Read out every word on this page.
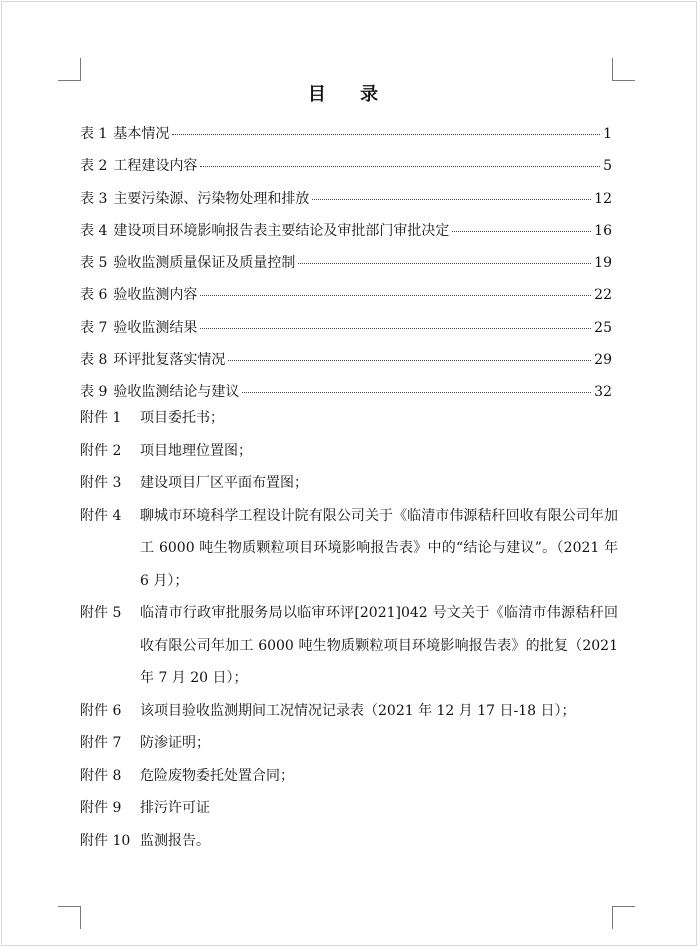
目 录
表 1 基本情况	1
表 2 工程建设内容	5
表 3 主要污染源、污染物处理和排放	12
表 4 建设项目环境影响报告表主要结论及审批部门审批决定	16
表 5 验收监测质量保证及质量控制	19
表 6 验收监测内容	22
表 7 验收监测结果	25
表 8 环评批复落实情况	29
表 9 验收监测结论与建议	32
附件 1 项目委托书；
附件 2 项目地理位置图；
附件 3 建设项目厂区平面布置图；
附件 4 聊城市环境科学工程设计院有限公司关于《临清市伟源秸秆回收有限公司年加工 6000 吨生物质颗粒项目环境影响报告表》中的“结论与建议”。（2021 年 6 月）；
附件 5 临清市行政审批服务局以临审环评[2021]042 号文关于《临清市伟源秸秆回收有限公司年加工 6000 吨生物质颗粒项目环境影响报告表》的批复（2021 年 7 月 20 日）；
附件 6 该项目验收监测期间工况情况记录表（2021 年 12 月 17 日-18 日）；
附件 7 防渗证明；
附件 8 危险废物委托处置合同；
附件 9 排污许可证
附件 10 监测报告。
